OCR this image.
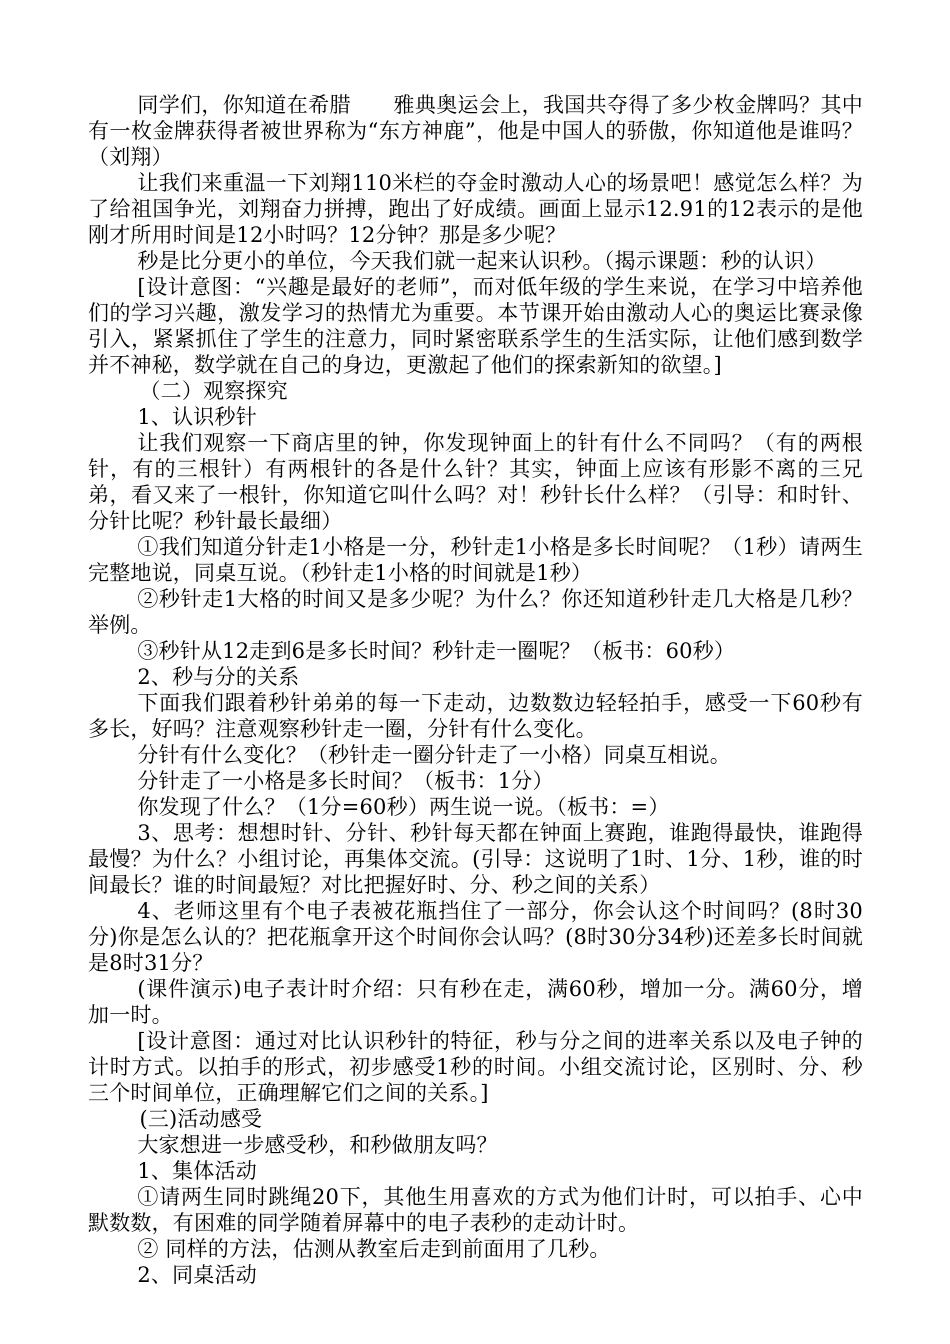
同学们，你知道在希腊　　雅典奥运会上，我国共夺得了多少枚金牌吗？其中有一枚金牌获得者被世界称为“东方神鹿”，他是中国人的骄傲，你知道他是谁吗？（刘翔）

让我们来重温一下刘翔110米栏的夺金时激动人心的场景吧！感觉怎么样？为了给祖国争光，刘翔奋力拼搏，跑出了好成绩。画面上显示12.91的12表示的是他刚才所用时间是12小时吗？12分钟？那是多少呢？

秒是比分更小的单位，今天我们就一起来认识秒。（揭示课题：秒的认识）

[设计意图：“兴趣是最好的老师”，而对低年级的学生来说，在学习中培养他们的学习兴趣，激发学习的热情尤为重要。本节课开始由激动人心的奥运比赛录像引入，紧紧抓住了学生的注意力，同时紧密联系学生的生活实际，让他们感到数学并不神秘，数学就在自己的身边，更激起了他们的探索新知的欲望。]

（二）观察探究

1、认识秒针

让我们观察一下商店里的钟，你发现钟面上的针有什么不同吗？（有的两根针，有的三根针）有两根针的各是什么针？其实，钟面上应该有形影不离的三兄弟，看又来了一根针，你知道它叫什么吗？对！秒针长什么样？（引导：和时针、分针比呢？秒针最长最细）

①我们知道分针走1小格是一分，秒针走1小格是多长时间呢？（1秒）请两生完整地说，同桌互说。（秒针走1小格的时间就是1秒）

②秒针走1大格的时间又是多少呢？为什么？你还知道秒针走几大格是几秒？举例。

③秒针从12走到6是多长时间？秒针走一圈呢？（板书：60秒）

2、秒与分的关系

下面我们跟着秒针弟弟的每一下走动，边数数边轻轻拍手，感受一下60秒有多长，好吗？注意观察秒针走一圈，分针有什么变化。

分针有什么变化？（秒针走一圈分针走了一小格）同桌互相说。

分针走了一小格是多长时间？（板书：1分）

你发现了什么？（1分=60秒）两生说一说。（板书：=）

3、思考：想想时针、分针、秒针每天都在钟面上赛跑，谁跑得最快，谁跑得最慢？为什么？小组讨论，再集体交流。(引导：这说明了1时、1分、1秒，谁的时间最长？谁的时间最短？对比把握好时、分、秒之间的关系）

4、老师这里有个电子表被花瓶挡住了一部分，你会认这个时间吗？(8时30分)你是怎么认的？把花瓶拿开这个时间你会认吗？(8时30分34秒)还差多长时间就是8时31分？

(课件演示)电子表计时介绍：只有秒在走，满60秒，增加一分。满60分，增加一时。

[设计意图：通过对比认识秒针的特征，秒与分之间的进率关系以及电子钟的计时方式。以拍手的形式，初步感受1秒的时间。小组交流讨论，区别时、分、秒三个时间单位，正确理解它们之间的关系。]

(三)活动感受

大家想进一步感受秒，和秒做朋友吗？

1、集体活动

①请两生同时跳绳20下，其他生用喜欢的方式为他们计时，可以拍手、心中默数数，有困难的同学随着屏幕中的电子表秒的走动计时。

② 同样的方法，估测从教室后走到前面用了几秒。

2、同桌活动
